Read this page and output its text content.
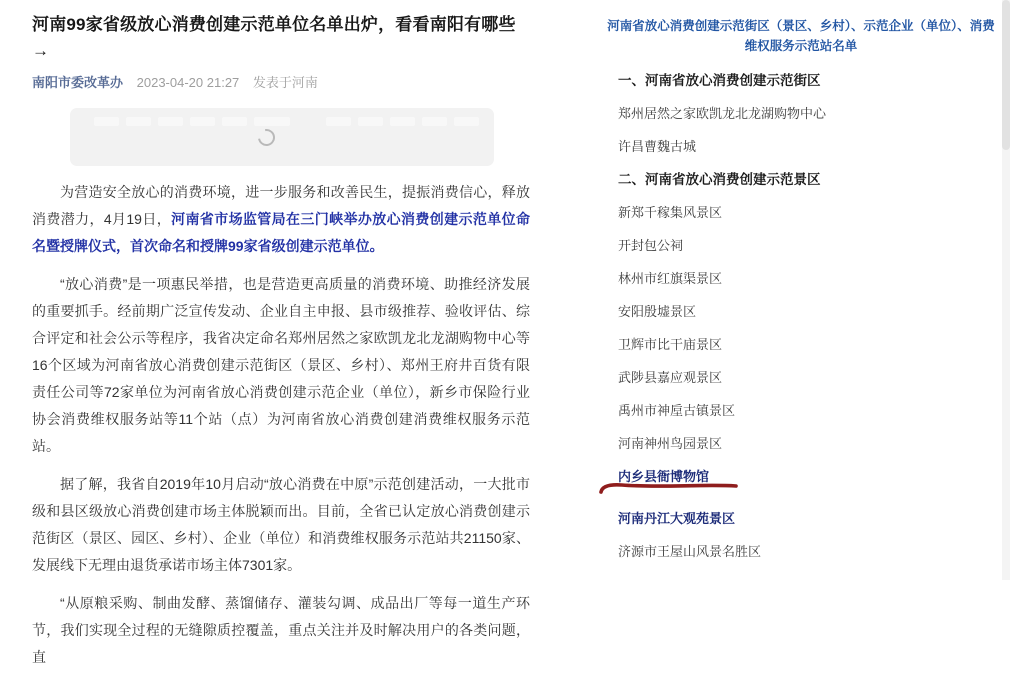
河南99家省级放心消费创建示范单位名单出炉，看看南阳有哪些→
南阳市委改革办 2023-04-20 21:27 发表于河南

为营造安全放心的消费环境，进一步服务和改善民生，提振消费信心，释放消费潜力，4月19日，河南省市场监管局在三门峡举办放心消费创建示范单位命名暨授牌仪式，首次命名和授牌99家省级创建示范单位。

“放心消费”是一项惠民举措，也是营造更高质量的消费环境、助推经济发展的重要抓手。经前期广泛宣传发动、企业自主申报、县市级推荐、验收评估、综合评定和社会公示等程序，我省决定命名郑州居然之家欧凯龙北龙湖购物中心等16个区域为河南省放心消费创建示范街区（景区、乡村）、郑州王府井百货有限责任公司等72家单位为河南省放心消费创建示范企业（单位），新乡市保险行业协会消费维权服务站等11个站（点）为河南省放心消费创建消费维权服务示范站。

据了解，我省自2019年10月启动“放心消费在中原”示范创建活动，一大批市级和县区级放心消费创建市场主体脱颖而出。目前，全省已认定放心消费创建示范街区（景区、园区、乡村）、企业（单位）和消费维权服务示范站共21150家、发展线下无理由退货承诺市场主体7301家。

“从原粮采购、制曲发酵、蒸馏储存、灌装勾调、成品出厂等每一道生产环节，我们实现全过程的无缝隙质控覆盖，重点关注并及时解决用户的各类问题，直

河南省放心消费创建示范街区（景区、乡村）、示范企业（单位）、消费维权服务示范站名单

一、河南省放心消费创建示范街区
郑州居然之家欧凯龙北龙湖购物中心
许昌曹魏古城
二、河南省放心消费创建示范景区
新郑千稼集风景区
开封包公祠
林州市红旗渠景区
安阳殷墟景区
卫辉市比干庙景区
武陟县嘉应观景区
禹州市神垕古镇景区
河南神州鸟园景区
内乡县衙博物馆
河南丹江大观苑景区
济源市王屋山风景名胜区
